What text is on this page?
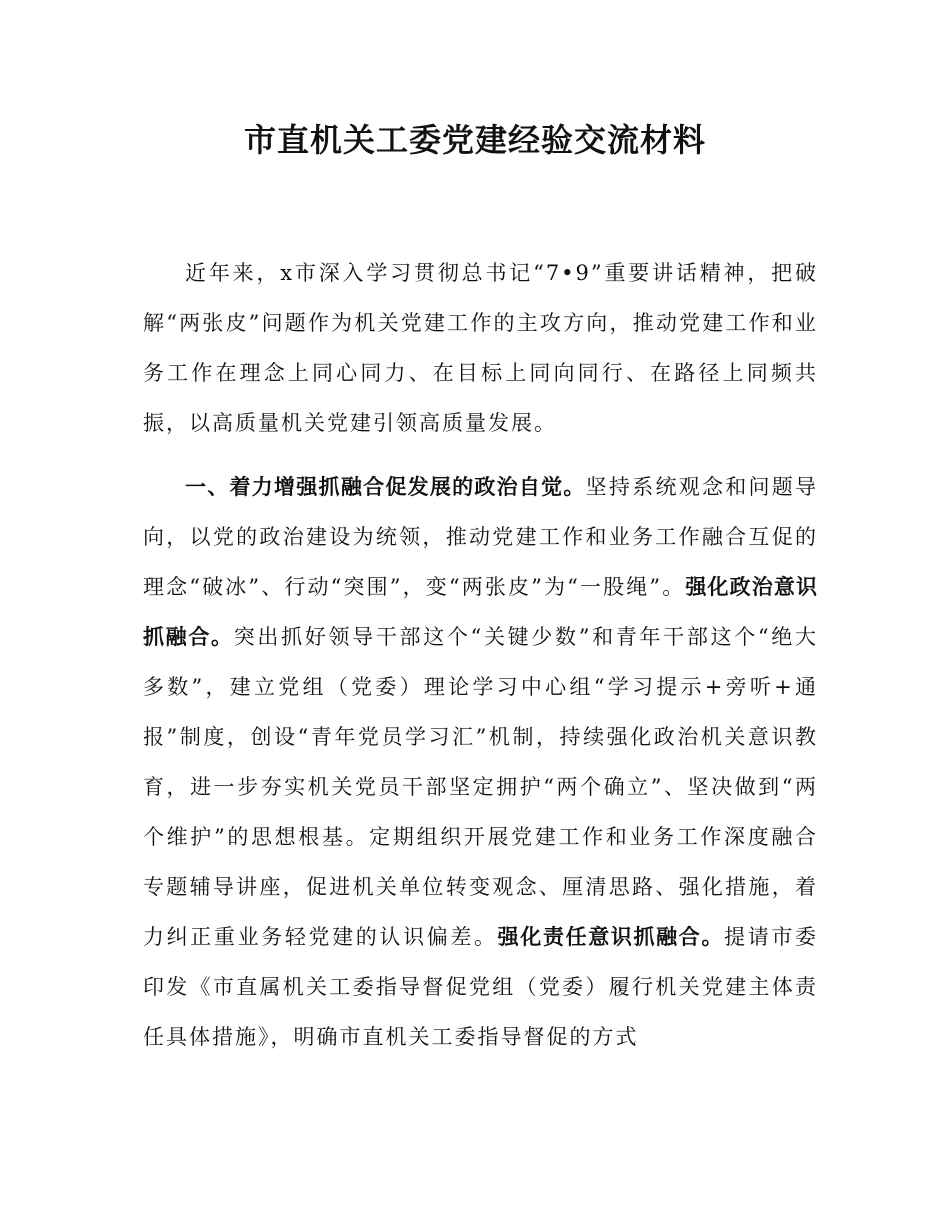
市直机关工委党建经验交流材料

近年来，x市深入学习贯彻总书记“7•9”重要讲话精神，把破解“两张皮”问题作为机关党建工作的主攻方向，推动党建工作和业务工作在理念上同心同力、在目标上同向同行、在路径上同频共振，以高质量机关党建引领高质量发展。

一、着力增强抓融合促发展的政治自觉。坚持系统观念和问题导向，以党的政治建设为统领，推动党建工作和业务工作融合互促的理念“破冰”、行动“突围”，变“两张皮”为“一股绳”。强化政治意识抓融合。突出抓好领导干部这个“关键少数”和青年干部这个“绝大多数”，建立党组（党委）理论学习中心组“学习提示+旁听+通报”制度，创设“青年党员学习汇”机制，持续强化政治机关意识教育，进一步夯实机关党员干部坚定拥护“两个确立”、坚决做到“两个维护”的思想根基。定期组织开展党建工作和业务工作深度融合专题辅导讲座，促进机关单位转变观念、厘清思路、强化措施，着力纠正重业务轻党建的认识偏差。强化责任意识抓融合。提请市委印发《市直属机关工委指导督促党组（党委）履行机关党建主体责任具体措施》，明确市直机关工委指导督促的方式
